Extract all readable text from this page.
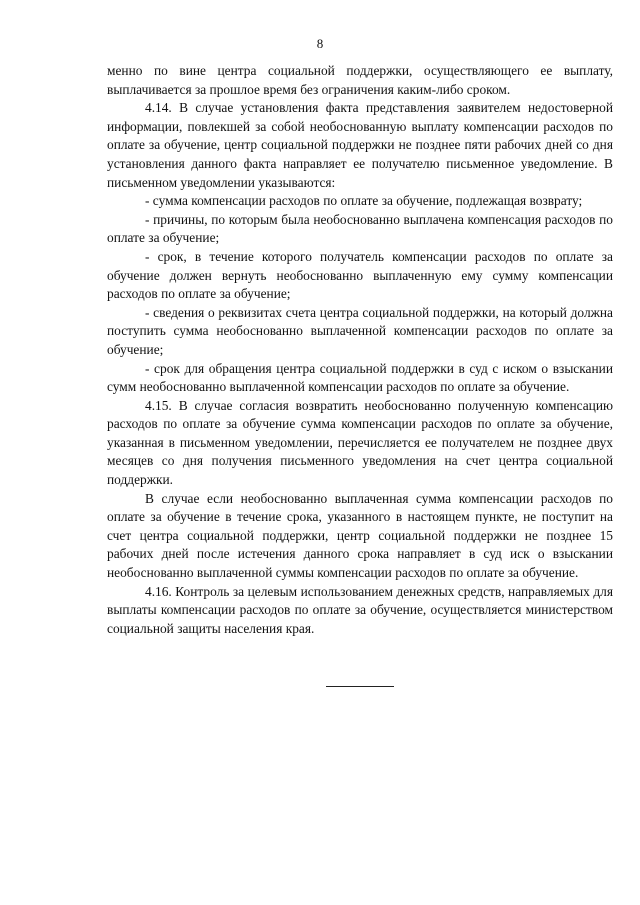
8

менно по вине центра социальной поддержки, осуществляющего ее выплату, выплачивается за прошлое время без ограничения каким-либо сроком.

4.14. В случае установления факта представления заявителем недостоверной информации, повлекшей за собой необоснованную выплату компенсации расходов по оплате за обучение, центр социальной поддержки не позднее пяти рабочих дней со дня установления данного факта направляет ее получателю письменное уведомление. В письменном уведомлении указываются:

- сумма компенсации расходов по оплате за обучение, подлежащая возврату;

- причины, по которым была необоснованно выплачена компенсация расходов по оплате за обучение;

- срок, в течение которого получатель компенсации расходов по оплате за обучение должен вернуть необоснованно выплаченную ему сумму компенсации расходов по оплате за обучение;

- сведения о реквизитах счета центра социальной поддержки, на который должна поступить сумма необоснованно выплаченной компенсации расходов по оплате за обучение;

- срок для обращения центра социальной поддержки в суд с иском о взыскании сумм необоснованно выплаченной компенсации расходов по оплате за обучение.

4.15. В случае согласия возвратить необоснованно полученную компенсацию расходов по оплате за обучение сумма компенсации расходов по оплате за обучение, указанная в письменном уведомлении, перечисляется ее получателем не позднее двух месяцев со дня получения письменного уведомления на счет центра социальной поддержки.

В случае если необоснованно выплаченная сумма компенсации расходов по оплате за обучение в течение срока, указанного в настоящем пункте, не поступит на счет центра социальной поддержки, центр социальной поддержки не позднее 15 рабочих дней после истечения данного срока направляет в суд иск о взыскании необоснованно выплаченной суммы компенсации расходов по оплате за обучение.

4.16. Контроль за целевым использованием денежных средств, направляемых для выплаты компенсации расходов по оплате за обучение, осуществляется министерством социальной защиты населения края.
